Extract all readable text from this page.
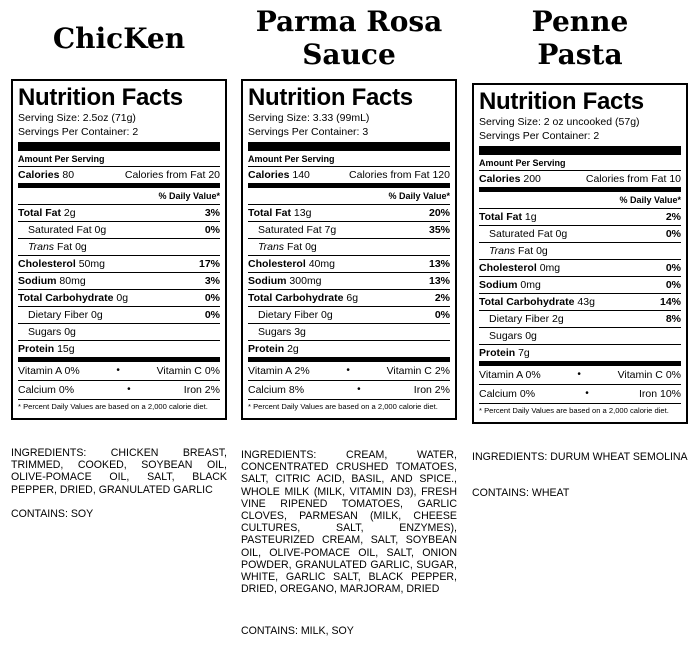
ChicKen
Nutrition Facts
Serving Size: 2.5oz (71g)
Servings Per Container: 2
Amount Per Serving
Calories 80	Calories from Fat 20
% Daily Value*
Total Fat 2g	3%
Saturated Fat 0g	0%
Trans Fat 0g
Cholesterol 50mg	17%
Sodium 80mg	3%
Total Carbohydrate 0g	0%
Dietary Fiber 0g	0%
Sugars 0g
Protein 15g
Vitamin A 0%	•	Vitamin C 0%
Calcium 0%	•	Iron 2%
* Percent Daily Values are based on a 2,000 calorie diet.
INGREDIENTS: CHICKEN BREAST, TRIMMED, COOKED, SOYBEAN OIL, OLIVE-POMACE OIL, SALT, BLACK PEPPER, DRIED, GRANULATED GARLIC
CONTAINS: SOY
Parma Rosa
Sauce
Nutrition Facts
Serving Size: 3.33 (99mL)
Servings Per Container: 3
Amount Per Serving
Calories 140	Calories from Fat 120
% Daily Value*
Total Fat 13g	20%
Saturated Fat 7g	35%
Trans Fat 0g
Cholesterol 40mg	13%
Sodium 300mg	13%
Total Carbohydrate 6g	2%
Dietary Fiber 0g	0%
Sugars 3g
Protein 2g
Vitamin A 2%	•	Vitamin C 2%
Calcium 8%	•	Iron 2%
* Percent Daily Values are based on a 2,000 calorie diet.
INGREDIENTS: CREAM, WATER, CONCENTRATED CRUSHED TOMATOES, SALT, CITRIC ACID, BASIL, AND SPICE., WHOLE MILK (MILK, VITAMIN D3), FRESH VINE RIPENED TOMATOES, GARLIC CLOVES, PARMESAN (MILK, CHEESE CULTURES, SALT, ENZYMES), PASTEURIZED CREAM, SALT, SOYBEAN OIL, OLIVE-POMACE OIL, SALT, ONION POWDER, GRANULATED GARLIC, SUGAR, WHITE, GARLIC SALT, BLACK PEPPER, DRIED, OREGANO, MARJORAM, DRIED
CONTAINS: MILK, SOY
Penne
Pasta
Nutrition Facts
Serving Size: 2 oz uncooked (57g)
Servings Per Container: 2
Amount Per Serving
Calories 200	Calories from Fat 10
% Daily Value*
Total Fat 1g	2%
Saturated Fat 0g	0%
Trans Fat 0g
Cholesterol 0mg	0%
Sodium 0mg	0%
Total Carbohydrate 43g	14%
Dietary Fiber 2g	8%
Sugars 0g
Protein 7g
Vitamin A 0%	•	Vitamin C 0%
Calcium 0%	•	Iron 10%
* Percent Daily Values are based on a 2,000 calorie diet.
INGREDIENTS: DURUM WHEAT SEMOLINA
CONTAINS: WHEAT
